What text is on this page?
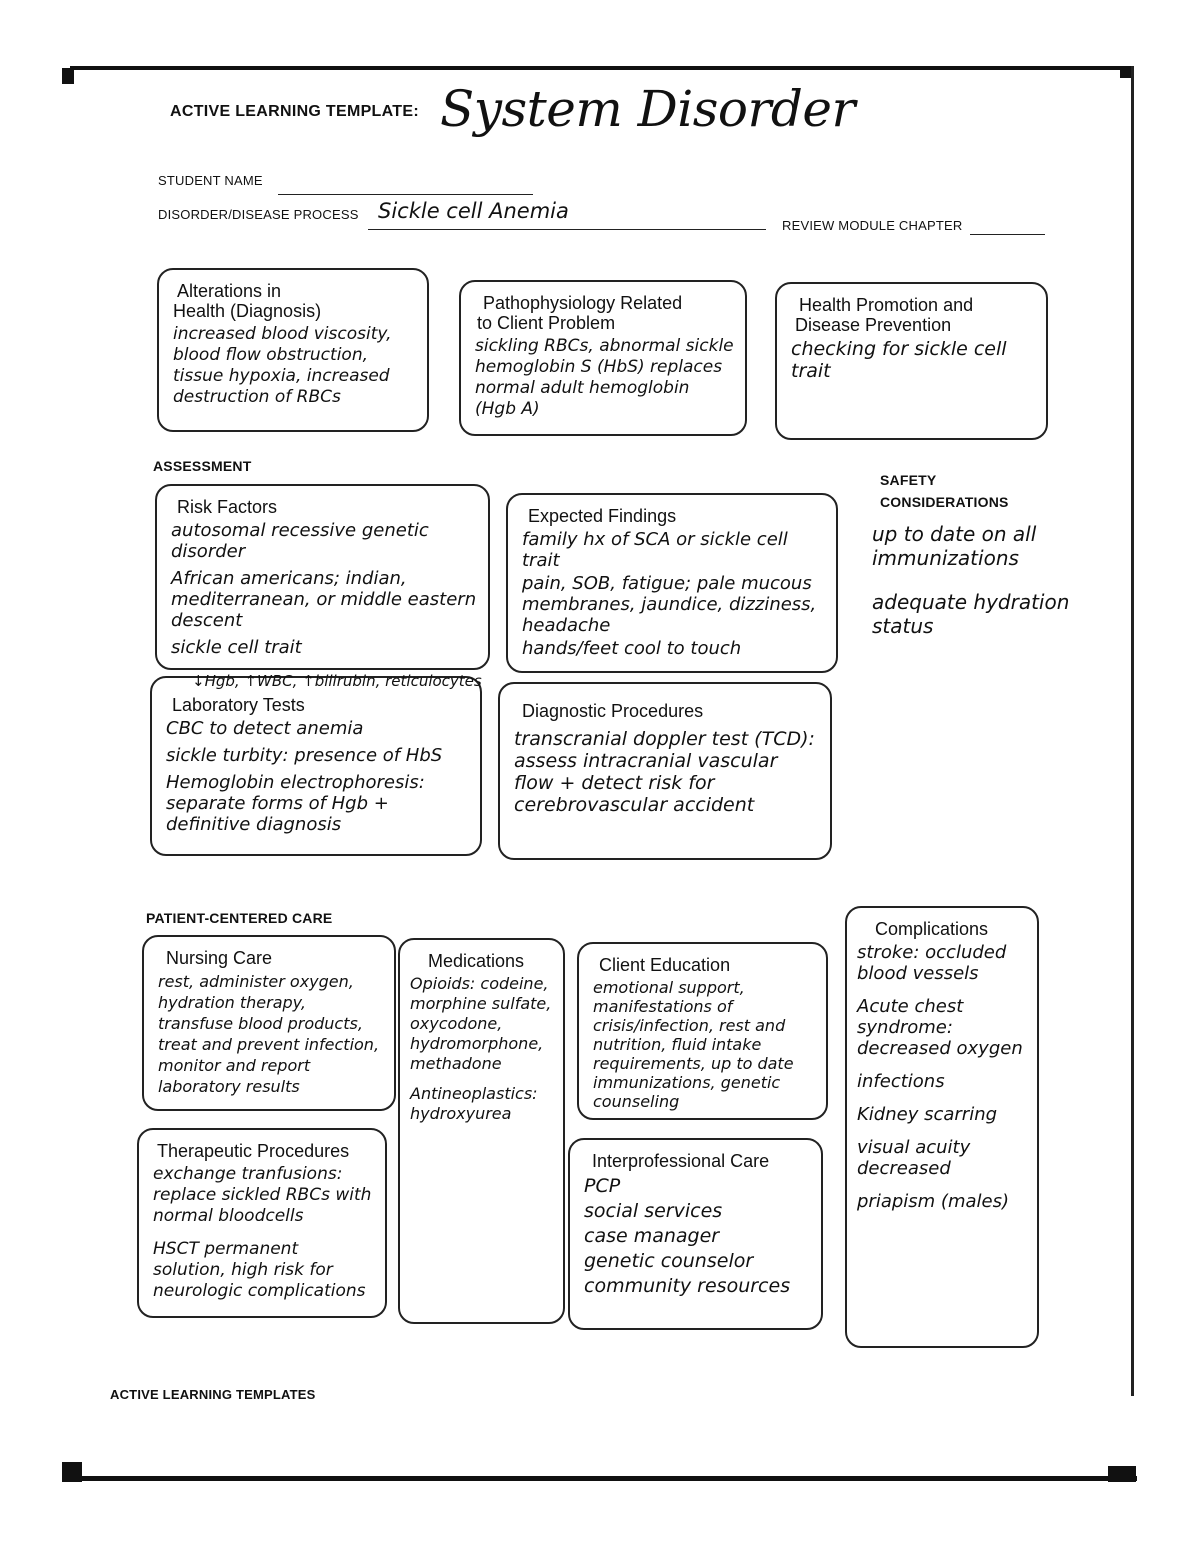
ACTIVE LEARNING TEMPLATE: System Disorder
STUDENT NAME
DISORDER/DISEASE PROCESS Sickle cell Anemia
REVIEW MODULE CHAPTER
Alterations in
Health (Diagnosis)
increased blood viscosity, blood flow obstruction, tissue hypoxia, increased destruction of RBCs
Pathophysiology Related
to Client Problem
sickling RBCs, abnormal sickle hemoglobin S (HbS) replaces normal adult hemoglobin (Hgb A)
Health Promotion and
Disease Prevention
checking for sickle cell trait
ASSESSMENT
Risk Factors

autosomal recessive genetic disorder

African americans; indian, mediterranean, or middle eastern descent

sickle cell trait

Expected Findings

family hx of SCA or sickle cell trait

pain, SOB, fatigue; pale mucous membranes, jaundice, dizziness, headache

hands/feet cool to touch

↓Hgb, ↑WBC, ↑bilirubin, reticulocytes
Laboratory Tests

CBC to detect anemia

sickle turbity: presence of HbS

Hemoglobin electrophoresis: separate forms of Hgb + definitive diagnosis

Diagnostic Procedures
transcranial doppler test (TCD): assess intracranial vascular flow + detect risk for cerebrovascular accident
SAFETY
CONSIDERATIONS
up to date on all immunizations
adequate hydration status
PATIENT-CENTERED CARE
Nursing Care
rest, administer oxygen, hydration therapy, transfuse blood products, treat and prevent infection, monitor and report laboratory results
Medications

Opioids: codeine, morphine sulfate, oxycodone, hydromorphone, methadone

Antineoplastics: hydroxyurea

Client Education
emotional support, manifestations of crisis/infection, rest and nutrition, fluid intake requirements, up to date immunizations, genetic counseling
Therapeutic Procedures

exchange tranfusions: replace sickled RBCs with normal bloodcells

HSCT permanent solution, high risk for neurologic complications

Interprofessional Care
PCP
social services
case manager
genetic counselor
community resources
Complications

stroke: occluded blood vessels

Acute chest syndrome: decreased oxygen

infections

Kidney scarring

visual acuity decreased

priapism (males)

ACTIVE LEARNING TEMPLATES
